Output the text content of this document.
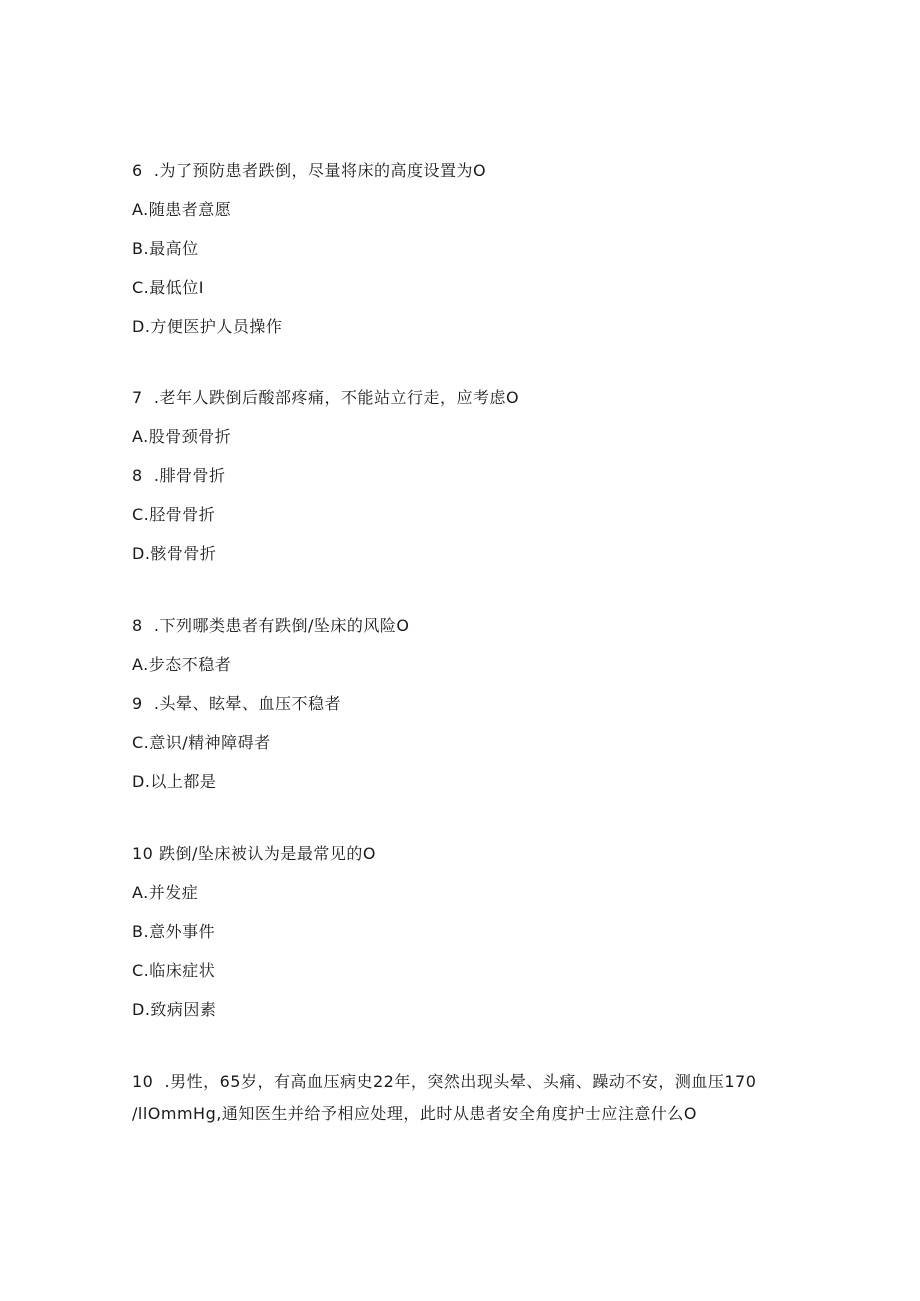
6  .为了预防患者跌倒，尽量将床的高度设置为O
A.随患者意愿
B.最高位
C.最低位I
D.方便医护人员操作
7  .老年人跌倒后酸部疼痛，不能站立行走，应考虑O
A.股骨颈骨折
8  .腓骨骨折
C.胫骨骨折
D.骸骨骨折
8  .下列哪类患者有跌倒/坠床的风险O
A.步态不稳者
9  .头晕、眩晕、血压不稳者
C.意识/精神障碍者
D.以上都是
10 跌倒/坠床被认为是最常见的O
A.并发症
B.意外事件
C.临床症状
D.致病因素
10  .男性，65岁，有高血压病史22年，突然出现头晕、头痛、躁动不安，测血压170
/llOmmHg,通知医生并给予相应处理，此时从患者安全角度护士应注意什么O
